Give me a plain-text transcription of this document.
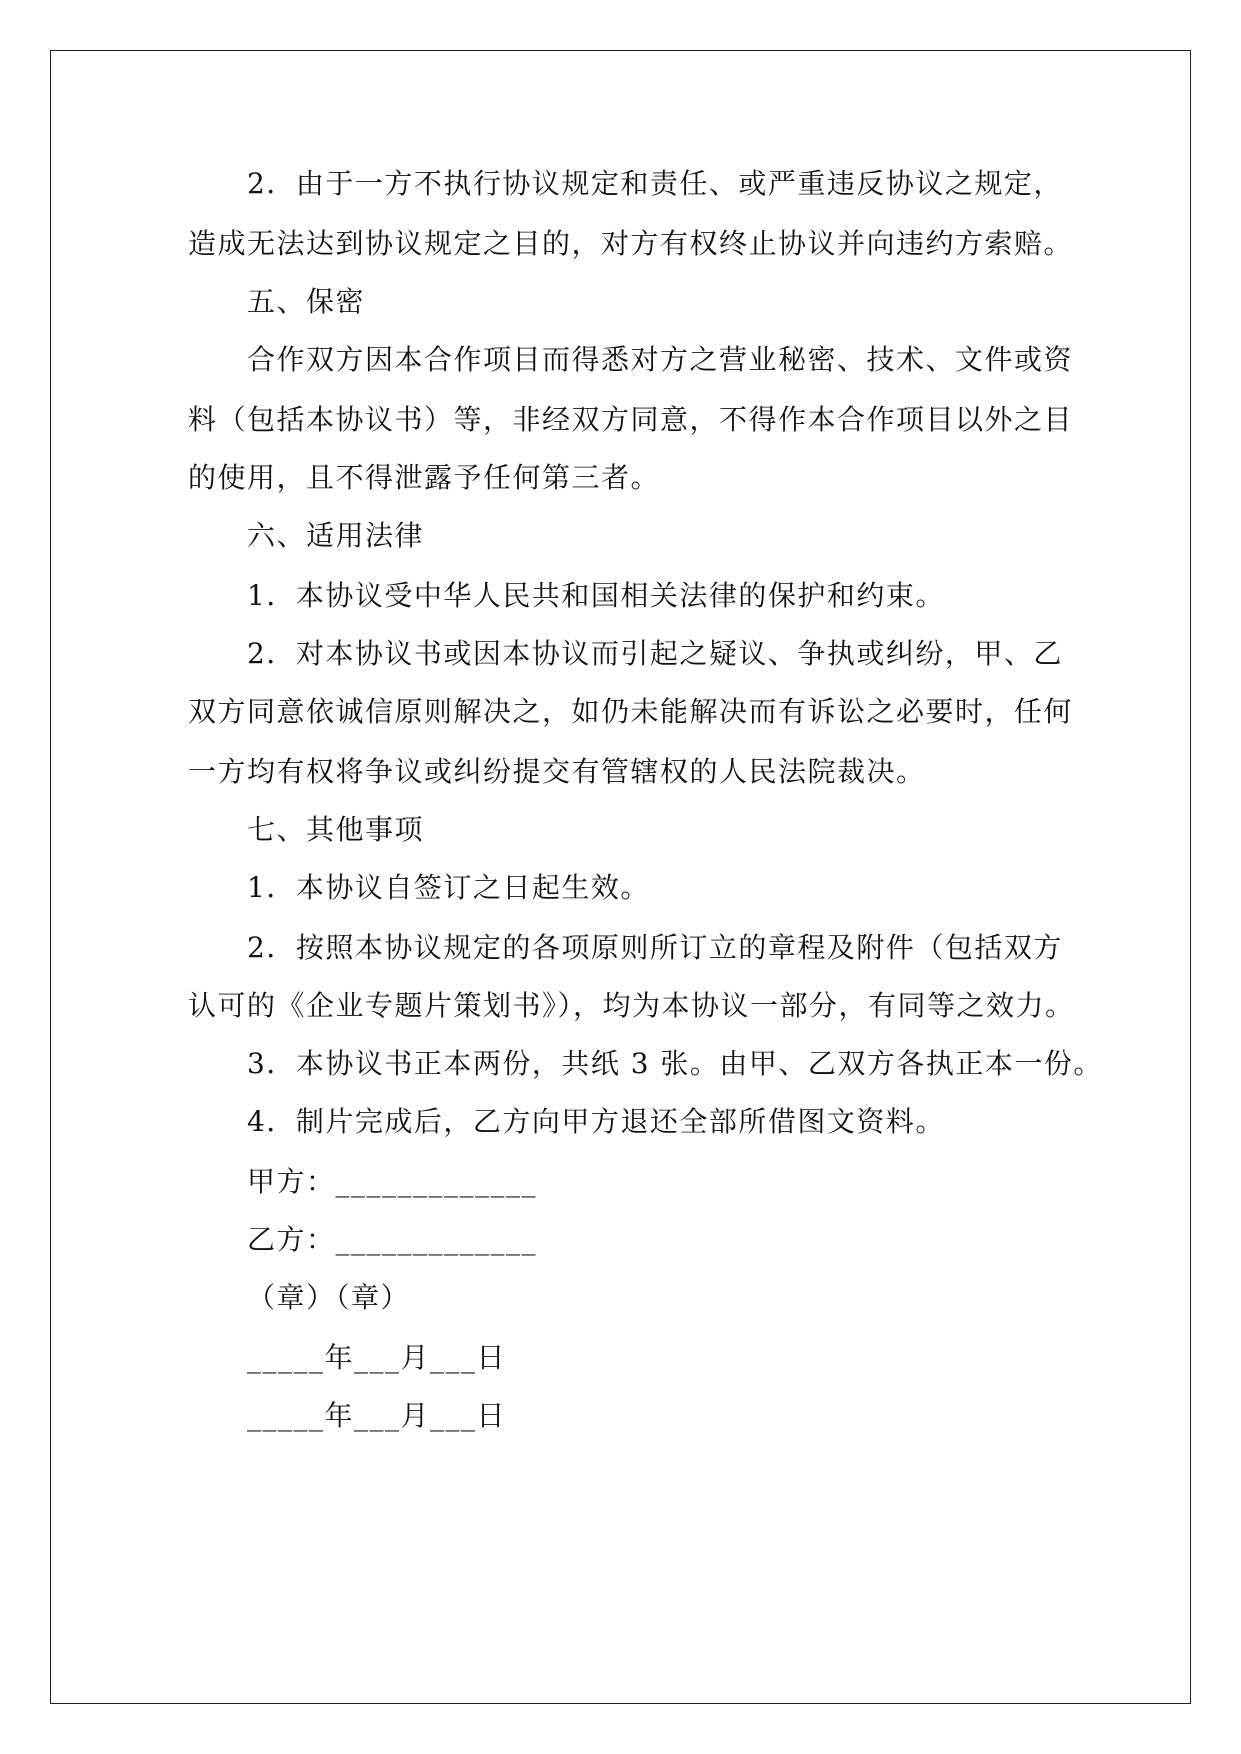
2．由于一方不执行协议规定和责任、或严重违反协议之规定，
造成无法达到协议规定之目的，对方有权终止协议并向违约方索赔。
五、保密
合作双方因本合作项目而得悉对方之营业秘密、技术、文件或资
料（包括本协议书）等，非经双方同意，不得作本合作项目以外之目
的使用，且不得泄露予任何第三者。
六、适用法律
1．本协议受中华人民共和国相关法律的保护和约束。
2．对本协议书或因本协议而引起之疑议、争执或纠纷，甲、乙
双方同意依诚信原则解决之，如仍未能解决而有诉讼之必要时，任何
一方均有权将争议或纠纷提交有管辖权的人民法院裁决。
七、其他事项
1．本协议自签订之日起生效。
2．按照本协议规定的各项原则所订立的章程及附件（包括双方
认可的《企业专题片策划书》），均为本协议一部分，有同等之效力。
3．本协议书正本两份，共纸 3 张。由甲、乙双方各执正本一份。
4．制片完成后，乙方向甲方退还全部所借图文资料。
甲方：_____________
乙方：_____________
（章）（章）
_____年___月___日
_____年___月___日
